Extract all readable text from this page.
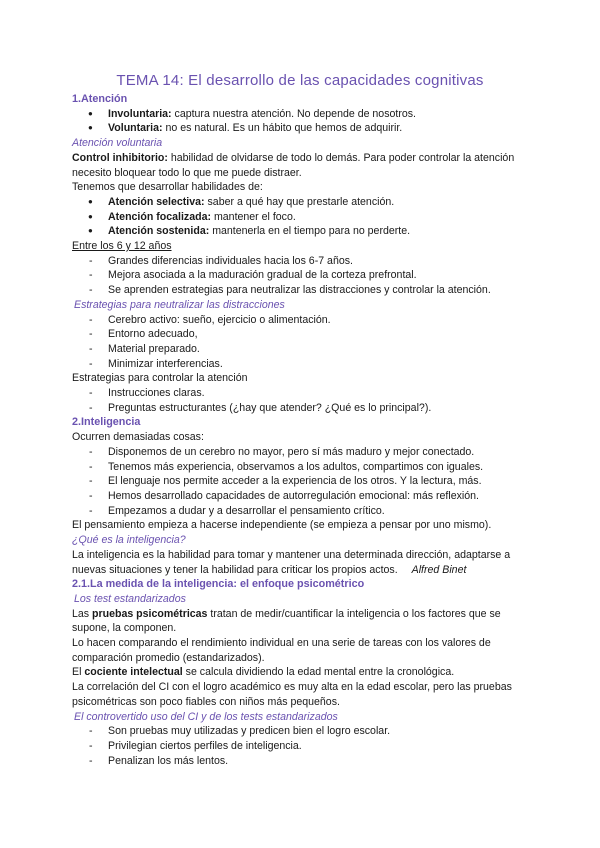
TEMA 14: El desarrollo de las capacidades cognitivas
1.Atención
● Involuntaria: captura nuestra atención. No depende de nosotros.
● Voluntaria: no es natural. Es un hábito que hemos de adquirir.
Atención voluntaria

Control inhibitorio: habilidad de olvidarse de todo lo demás. Para poder controlar la atención necesito bloquear todo lo que me puede distraer.

Tenemos que desarrollar habilidades de:

● Atención selectiva: saber a qué hay que prestarle atención.
● Atención focalizada: mantener el foco.
● Atención sostenida: mantenerla en el tiempo para no perderte.

Entre los 6 y 12 años

- Grandes diferencias individuales hacia los 6-7 años.
- Mejora asociada a la maduración gradual de la corteza prefrontal.
- Se aprenden estrategias para neutralizar las distracciones y controlar la atención.
Estrategias para neutralizar las distracciones
- Cerebro activo: sueño, ejercicio o alimentación.
- Entorno adecuado,
- Material preparado.
- Minimizar interferencias.

Estrategias para controlar la atención

- Instrucciones claras.
- Preguntas estructurantes (¿hay que atender? ¿Qué es lo principal?).
2.Inteligencia

Ocurren demasiadas cosas:

- Disponemos de un cerebro no mayor, pero sí más maduro y mejor conectado.
- Tenemos más experiencia, observamos a los adultos, compartimos con iguales.
- El lenguaje nos permite acceder a la experiencia de los otros. Y la lectura, más.
- Hemos desarrollado capacidades de autorregulación emocional: más reflexión.
- Empezamos a dudar y a desarrollar el pensamiento crítico.

El pensamiento empieza a hacerse independiente (se empieza a pensar por uno mismo).

¿Qué es la inteligencia?

La inteligencia es la habilidad para tomar y mantener una determinada dirección, adaptarse a nuevas situaciones y tener la habilidad para criticar los propios actos. Alfred Binet

2.1.La medida de la inteligencia: el enfoque psicométrico
Los test estandarizados

Las pruebas psicométricas tratan de medir/cuantificar la inteligencia o los factores que se supone, la componen.

Lo hacen comparando el rendimiento individual en una serie de tareas con los valores de comparación promedio (estandarizados).

El cociente intelectual se calcula dividiendo la edad mental entre la cronológica.

La correlación del CI con el logro académico es muy alta en la edad escolar, pero las pruebas psicométricas son poco fiables con niños más pequeños.

El controvertido uso del CI y de los tests estandarizados
- Son pruebas muy utilizadas y predicen bien el logro escolar.
- Privilegian ciertos perfiles de inteligencia.
- Penalizan los más lentos.
